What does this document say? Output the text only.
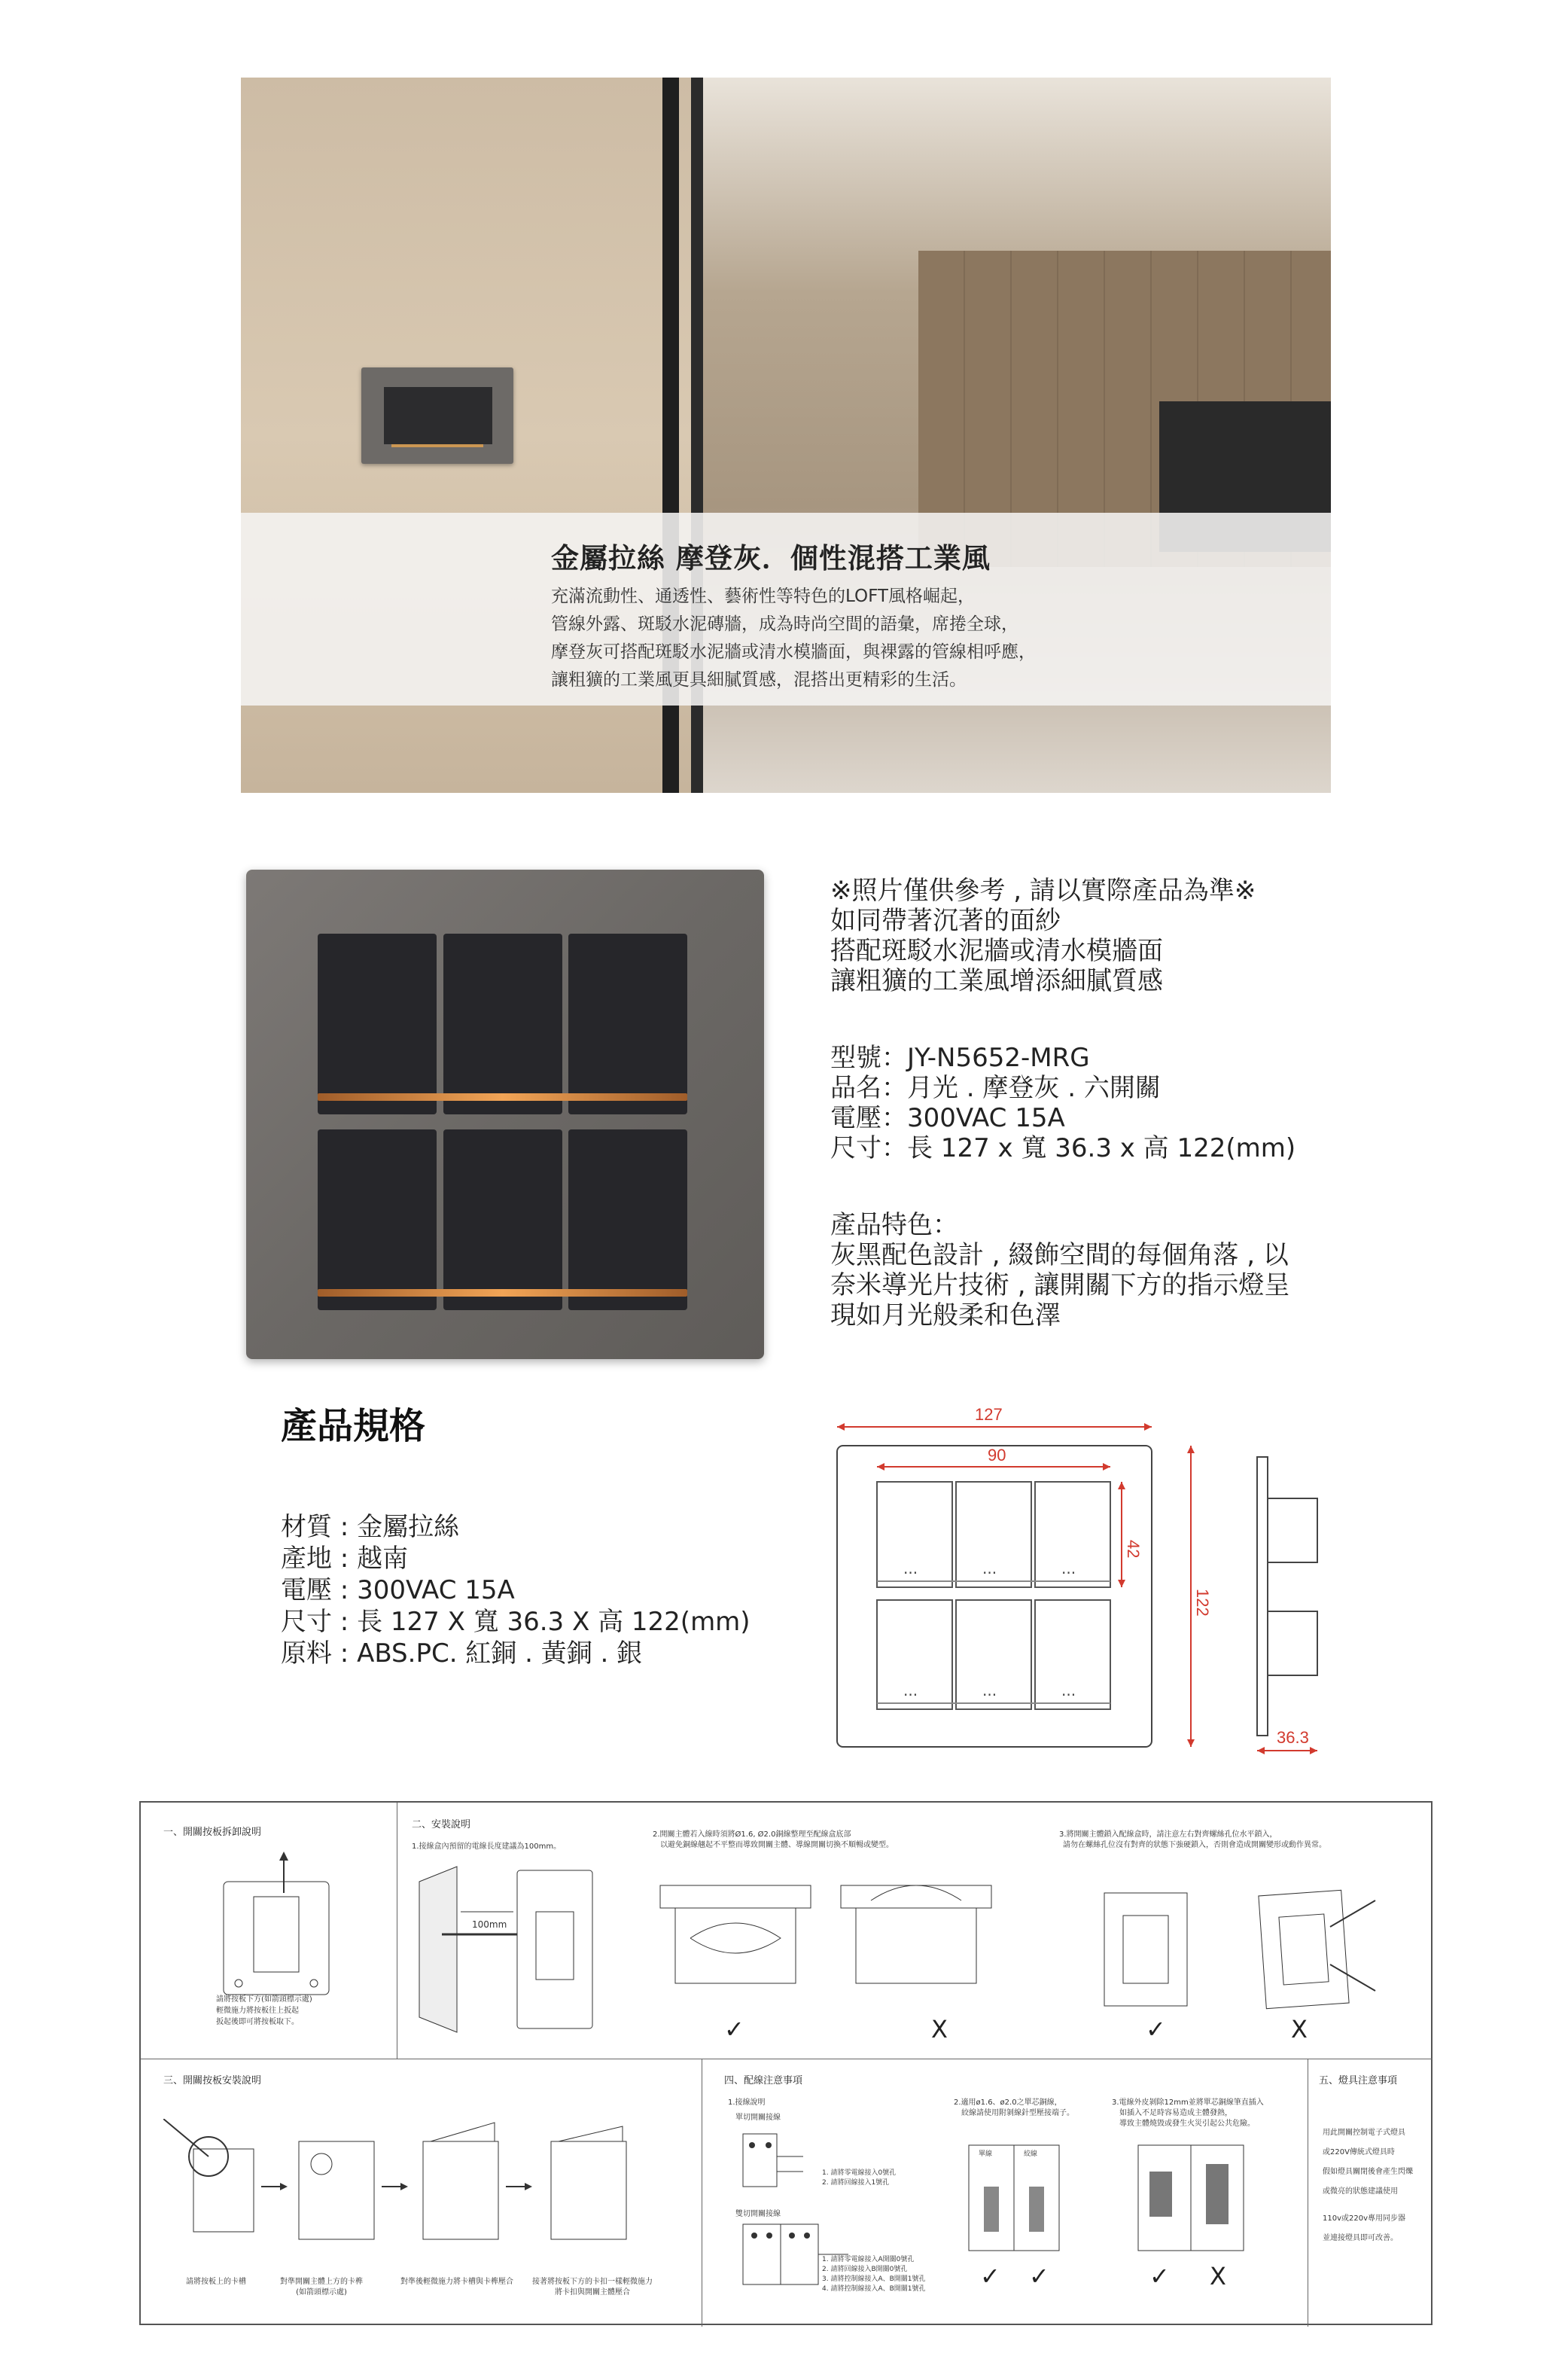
金屬拉絲 摩登灰．個性混搭工業風

充滿流動性、通透性、藝術性等特色的LOFT風格崛起，

管線外露、斑駁水泥磚牆，成為時尚空間的語彙，席捲全球，

摩登灰可搭配斑駁水泥牆或清水模牆面，與裸露的管線相呼應，

讓粗獷的工業風更具細膩質感，混搭出更精彩的生活。

※照片僅供參考 , 請以實際產品為準※
如同帶著沉著的面紗
搭配斑駁水泥牆或清水模牆面
讓粗獷的工業風增添細膩質感
型號：JY-N5652-MRG
品名：月光 . 摩登灰 . 六開關
電壓：300VAC 15A
尺寸：長 127 x 寬 36.3 x 高 122(mm)
產品特色：
灰黑配色設計 , 綴飾空間的每個角落 , 以
奈米導光片技術 , 讓開關下方的指示燈呈
現如月光般柔和色澤
產品規格
材質 : 金屬拉絲
產地 : 越南
電壓 : 300VAC 15A
尺寸 : 長 127 X 寬 36.3 X 高 122(mm)
原料 : ABS.PC. 紅銅 . 黃銅 . 銀
127
90
...	...	...
...	...	...
42
122
36.3
一、開關按板拆卸說明
請將按板下方(如箭頭標示處)
輕微施力將按板往上扳起
扳起後即可將按板取下。
二、安裝說明
1.接線盒內預留的電線長度建議為100mm。
100mm
2.開關主體若入線時須將Ø1.6, Ø2.0銅線整理至配線盒底部
以避免銅線翹起不平整而導致開關主體、導線開關切換不順暢或變型。
✓	X
3.將開關主體鎖入配線盒時，請注意左右對齊螺絲孔位水平鎖入，
請勿在螺絲孔位沒有對齊的狀態下強硬鎖入，否則會造成開關變形或動作異常。
✓	X
三、開關按板安裝說明
請將按板上的卡槽	對準開關主體上方的卡榫
(如箭頭標示處)
對準後輕微施力將卡槽與卡榫壓合	接著將按板下方的卡扣一樣輕微施力
將卡扣與開關主體壓合
四、配線注意事項
1.接線說明
單切開關接線
1. 請將零電線接入0號孔
2. 請將回線接入1號孔
雙切開關接線
1. 請將零電線接入A開關0號孔
2. 請將回線接入B開關0號孔
3. 請將控制線接入A、B開關1號孔
4. 請將控制線接入A、B開關1號孔
2.適用ø1.6、ø2.0之單芯銅線，
絞線請使用附剝線針型壓接端子。
單線	絞線
✓ ✓
3.電線外皮剝除12mm並將單芯銅線筆直插入
如插入不足時容易造成主體發熱，
導致主體燒毀或發生火災引起公共危險。
✓ X
五、燈具注意事項
用此開關控制電子式燈具
或220V傳統式燈具時
假如燈具關閉後會產生閃爍
或微亮的狀態建議使用
110v或220v專用同步器
並連接燈具即可改善。
